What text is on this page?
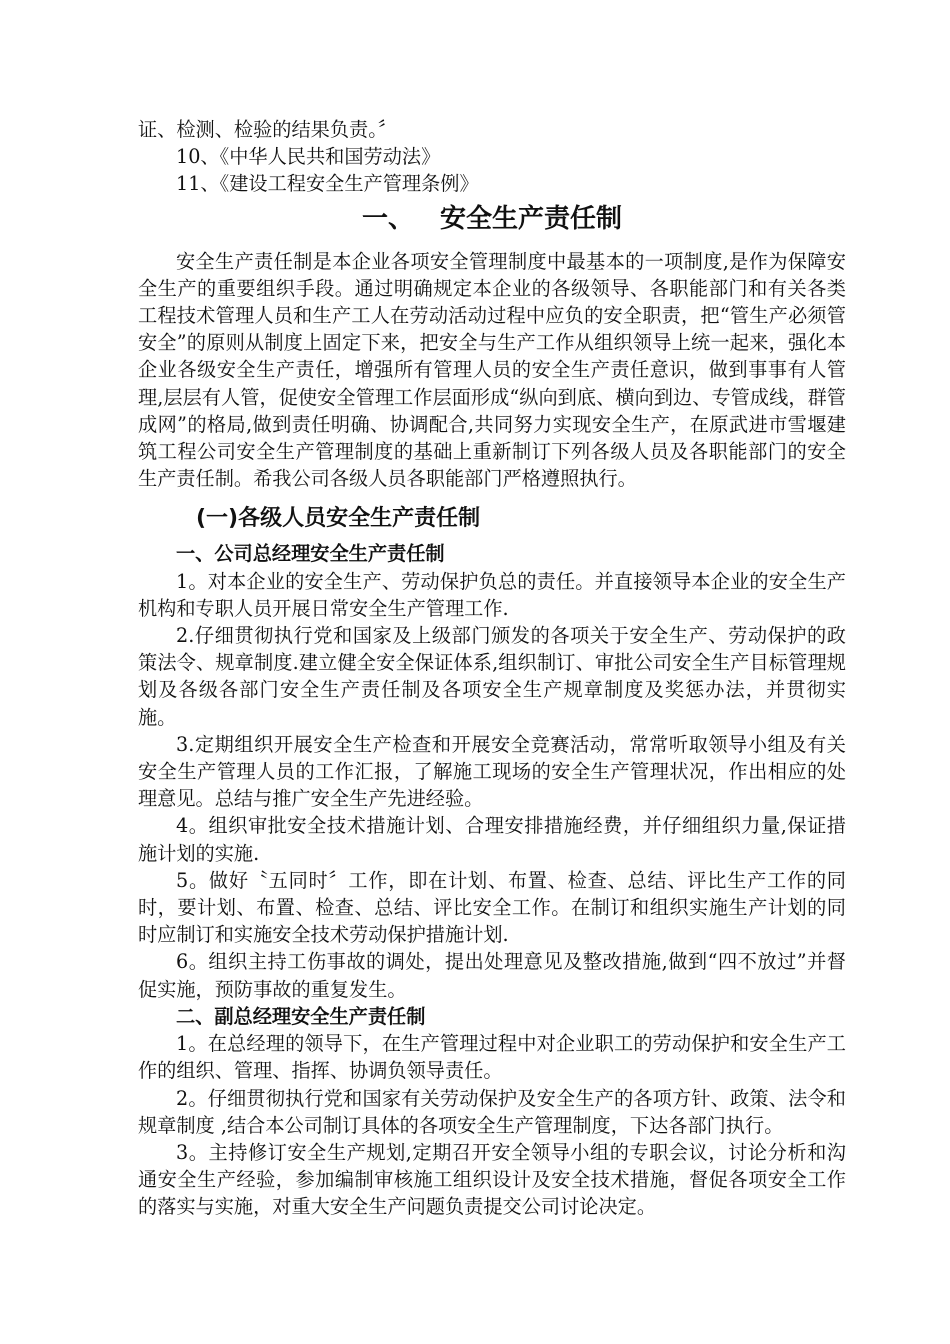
证、检测、检验的结果负责。〞

10、《中华人民共和国劳动法》

11、《建设工程安全生产管理条例》

一、 安全生产责任制

安全生产责任制是本企业各项安全管理制度中最基本的一项制度,是作为保障安全生产的重要组织手段。通过明确规定本企业的各级领导、各职能部门和有关各类工程技术管理人员和生产工人在劳动活动过程中应负的安全职责，把“管生产必须管安全”的原则从制度上固定下来，把安全与生产工作从组织领导上统一起来，强化本企业各级安全生产责任，增强所有管理人员的安全生产责任意识，做到事事有人管理,层层有人管，促使安全管理工作层面形成“纵向到底、横向到边、专管成线，群管成网”的格局,做到责任明确、协调配合,共同努力实现安全生产，在原武进市雪堰建筑工程公司安全生产管理制度的基础上重新制订下列各级人员及各职能部门的安全生产责任制。希我公司各级人员各职能部门严格遵照执行。

(一)各级人员安全生产责任制
一、公司总经理安全生产责任制

1。对本企业的安全生产、劳动保护负总的责任。并直接领导本企业的安全生产机构和专职人员开展日常安全生产管理工作.

2.仔细贯彻执行党和国家及上级部门颁发的各项关于安全生产、劳动保护的政策法令、规章制度.建立健全安全保证体系,组织制订、审批公司安全生产目标管理规划及各级各部门安全生产责任制及各项安全生产规章制度及奖惩办法，并贯彻实施。

3.定期组织开展安全生产检查和开展安全竞赛活动，常常听取领导小组及有关安全生产管理人员的工作汇报，了解施工现场的安全生产管理状况，作出相应的处理意见。总结与推广安全生产先进经验。

4。组织审批安全技术措施计划、合理安排措施经费，并仔细组织力量,保证措施计划的实施.

5。做好〝五同时〞工作，即在计划、布置、检查、总结、评比生产工作的同时，要计划、布置、检查、总结、评比安全工作。在制订和组织实施生产计划的同时应制订和实施安全技术劳动保护措施计划.

6。组织主持工伤事故的调处，提出处理意见及整改措施,做到“四不放过”并督促实施，预防事故的重复发生。

二、副总经理安全生产责任制

1。在总经理的领导下，在生产管理过程中对企业职工的劳动保护和安全生产工作的组织、管理、指挥、协调负领导责任。

2。仔细贯彻执行党和国家有关劳动保护及安全生产的各项方针、政策、法令和规章制度 ,结合本公司制订具体的各项安全生产管理制度，下达各部门执行。

3。主持修订安全生产规划,定期召开安全领导小组的专职会议，讨论分析和沟通安全生产经验，参加编制审核施工组织设计及安全技术措施，督促各项安全工作的落实与实施，对重大安全生产问题负责提交公司讨论决定。
